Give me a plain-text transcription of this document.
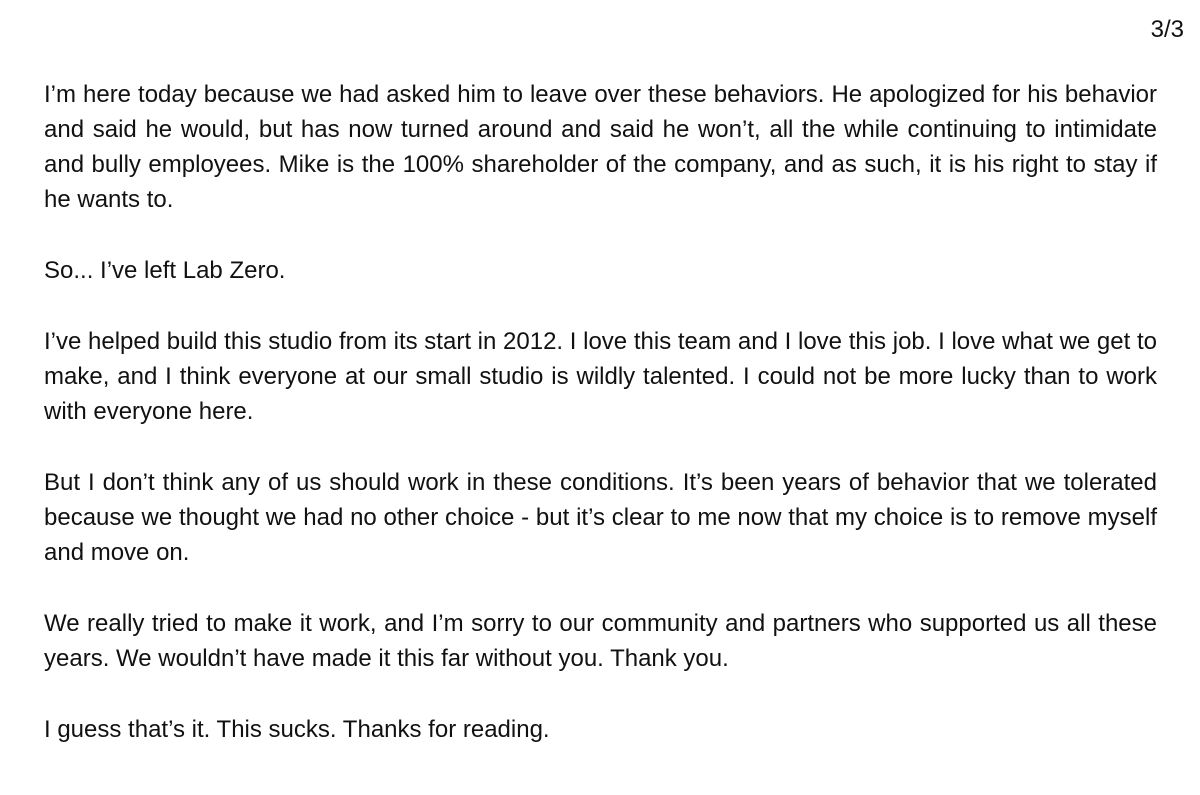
3/3

I’m here today because we had asked him to leave over these behaviors. He apologized for his behavior and said he would, but has now turned around and said he won’t, all the while continuing to intimidate and bully employees. Mike is the 100% shareholder of the company, and as such, it is his right to stay if he wants to.

So... I’ve left Lab Zero.

I’ve helped build this studio from its start in 2012. I love this team and I love this job. I love what we get to make, and I think everyone at our small studio is wildly talented. I could not be more lucky than to work with everyone here.

But I don’t think any of us should work in these conditions. It’s been years of behavior that we tolerated because we thought we had no other choice - but it’s clear to me now that my choice is to remove myself and move on.

We really tried to make it work, and I’m sorry to our community and partners who supported us all these years. We wouldn’t have made it this far without you. Thank you.

I guess that’s it. This sucks. Thanks for reading.
